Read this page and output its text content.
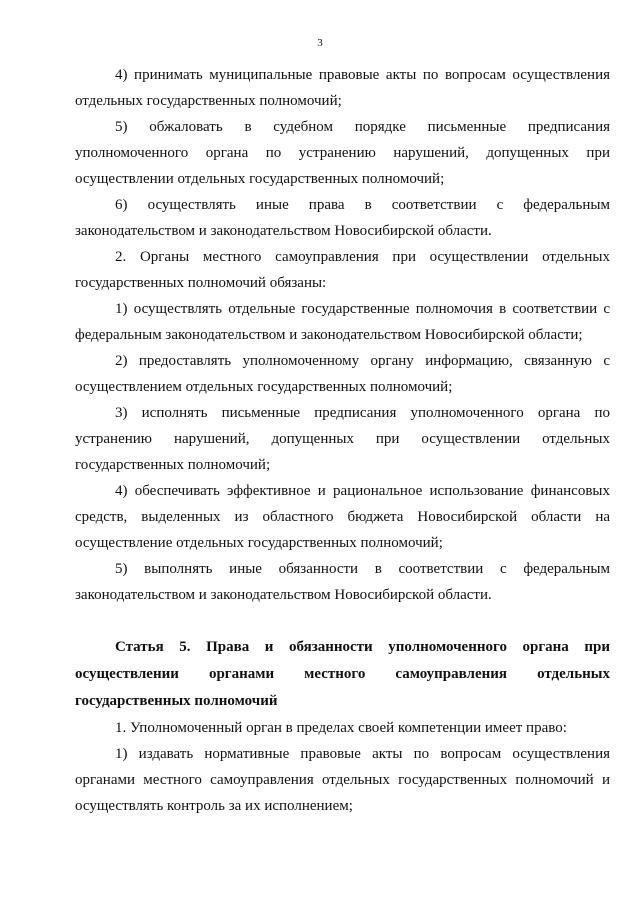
3

4) принимать муниципальные правовые акты по вопросам осуществления отдельных государственных полномочий;

5) обжаловать в судебном порядке письменные предписания уполномоченного органа по устранению нарушений, допущенных при осуществлении отдельных государственных полномочий;

6) осуществлять иные права в соответствии с федеральным законодательством и законодательством Новосибирской области.

2. Органы местного самоуправления при осуществлении отдельных государственных полномочий обязаны:

1) осуществлять отдельные государственные полномочия в соответствии с федеральным законодательством и законодательством Новосибирской области;

2) предоставлять уполномоченному органу информацию, связанную с осуществлением отдельных государственных полномочий;

3) исполнять письменные предписания уполномоченного органа по устранению нарушений, допущенных при осуществлении отдельных государственных полномочий;

4) обеспечивать эффективное и рациональное использование финансовых средств, выделенных из областного бюджета Новосибирской области на осуществление отдельных государственных полномочий;

5) выполнять иные обязанности в соответствии с федеральным законодательством и законодательством Новосибирской области.

Статья 5. Права и обязанности уполномоченного органа при осуществлении органами местного самоуправления отдельных государственных полномочий

1. Уполномоченный орган в пределах своей компетенции имеет право:

1) издавать нормативные правовые акты по вопросам осуществления органами местного самоуправления отдельных государственных полномочий и осуществлять контроль за их исполнением;
